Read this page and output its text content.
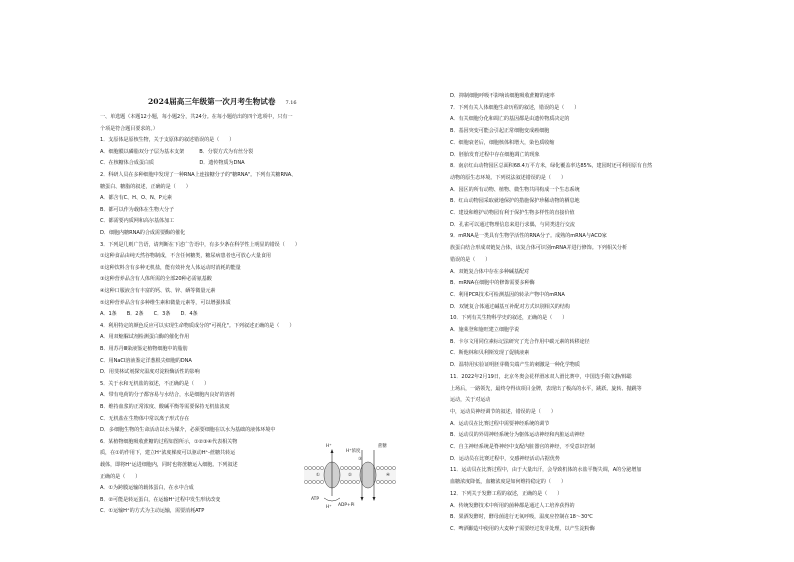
2024届高三年级第一次月考生物试卷 7.16
一、单选题（本题12小题，每小题2分，共24分。在每小题给出的四个选项中，只有一
个项是符合题目要求的。）
1．支原体是原核生物，关于支原体的叙述错误的是（　　）
A．细胞膜以磷脂双分子层为基本支架　　　B．分裂方式为有丝分裂
C．在核糖体合成蛋白质　　　　　　　　　D．遗传物质为DNA
2．科研人员在多种细胞中发现了一种RNA上连接糖分子的"糖RNA"。下列有关糖RNA、
糖蛋白、糖脂的叙述，正确的是（　　）
A．都含有C、H、O、N、P元素
B．都可以作为载体在生物大分子
C．都需要内质网和高尔基体加工
D．细胞内糖RNA的合成需要酶的催化
3．下列是几则广告语，请判断在下述广告语中，有多少条在科学性上明显的错误（　　）
①这种食品由纯天然谷物制成，不含任何糖类，糖尿病患者也可放心大量食用
②这种饮料含有多种无机盐，能有效补充人体运动时消耗的能量
③这种营养品含有人体所需的全部20种必需氨基酸
④这种口服液含有丰富的钙、铁、锌、硒等微量元素
⑤这种营养品含有多种维生素和微量元素等，可以增强体质
A．1条　　B．2条　　C．3条　　D．4条
4．利用特定的颜色反应可以实现生命物质成分的"可视化"。下列叙述正确的是（　　）
A．用双缩脲试剂检测蛋白酶的催化作用
B．用苏丹Ⅲ染液鉴定植物细胞中的脂肪
C．用NaCl溶液鉴定洋葱根尖细胞的DNA
D．用斐林试剂探究温度对淀粉酶活性的影响
5．关于水和无机盐的叙述，不正确的是（　　）
A．带有电荷的分子都容易与水结合，水是细胞内良好的溶剂
B．维持血浆的正常浓度、酸碱平衡等需要保持无机盐浓度
C．无机盐在生物体中常以离子形式存在
D．多细胞生物的生命活动以水为媒介，必须要细胞在以水为基础的液体环境中
6．某植物细胞吸收蔗糖的过程如图所示，①②③④代表相关物
质，在①的作用下，建立H⁺浓度梯度可以驱动H⁺-蔗糖共转运
载体，即将H⁺运进细胞内，同时也将蔗糖运入细胞。下列叙述
正确的是（　　）
A．①为跨膜运输的载体蛋白，在水中合成
B．②可能是转运蛋白，在运输H⁺过程中发生形状改变
C．①运输H⁺的方式为主动运输，需要消耗ATP
D．抑制细胞呼吸不影响该细胞吸收蔗糖的速率
7．下列有关人体细胞生命历程的叙述，错误的是（　　）
A．有关细胞分化和凋亡的基因都是由遗传物质决定的
B．基因突变可能会引起正常细胞变成癌细胞
C．细胞衰老后，细胞核体积增大，染色质收缩
D．胚胎发育过程中存在细胞凋亡的现象
8．南京红山动物园区总面积68.4万平方米，绿化覆盖率达85%，建园时还可利用原有自然
动物的原生态环境。下列说法叙述错误的是（　　）
A．园区的所有动物、植物、微生物共同构成一个生态系统
B．红山动物园采取就地保护的措施保护珍稀动物的栖息地
C．建设和维护动物园有利于保护生物多样性的直接价值
D．孔雀可以通过物理信息来进行求偶，与同类进行交流
9．mRNA是一类具有生物学活性的RNA分子。成熟的mRNA与ACO家
族蛋白结合形成双链复合体，该复合体可识别mRNA并进行修饰。下列相关分析
错误的是（　　）
A．双链复合体中存在多种碱基配对
B．mRNA在细胞中的修饰需要多种酶
C．利用PCR技术可检测基因的转录产物中的mRNA
D．双链复合体通过碱基互补配对方式识别相关的结构
10．下列有关生物科学史的叙述，正确的是（　　）
A．施莱登和施旺建立细胞学说
B．卡尔文用同位素标记法研究了光合作用中碳元素的转移途径
C．斯他林和贝利斯发现了促胰液素
D．温特用实验证明胚芽鞘尖端产生的刺激是一种化学物质
11．2022年2月19日，北京冬奥会花样滑冰双人滑比赛中，中国选手隋文静/韩聪
上场后，一路领先，最终夺得该项目金牌，表现出了极高的水平，跳跃、旋转、抛跳等
运动，关于对运动
中，运动员神经调节的叙述，错误的是（　　）
A．运动员在比赛过程中需要神经系统的调节
B．运动员的外周神经系统分为躯体运动神经和内脏运动神经
C．自主神经系统是脊神经中支配内脏器官的神经，不受意识控制
D．运动员在比赛过程中，交感神经活动占据优势
11．运动员在比赛过程中，由于大量出汗，会导致机体的水盐平衡失调，A的分泌增加
血糖浓度降低，血糖浓度是如何维持稳定的（　　）
12．下列关于发酵工程的叙述，正确的是（　　）
A．传统发酵技术中所用的菌种都是通过人工培养获得的
B．果酒发酵时，酵母菌进行无氧呼吸，温度应控制在18～30℃
C．啤酒酿造中使用的大麦种子需要经过发芽处理，以产生淀粉酶
H⁺	蔗糖
H⁺浓度
ATP
ADP+Pi
H⁺
①	②
③
④
